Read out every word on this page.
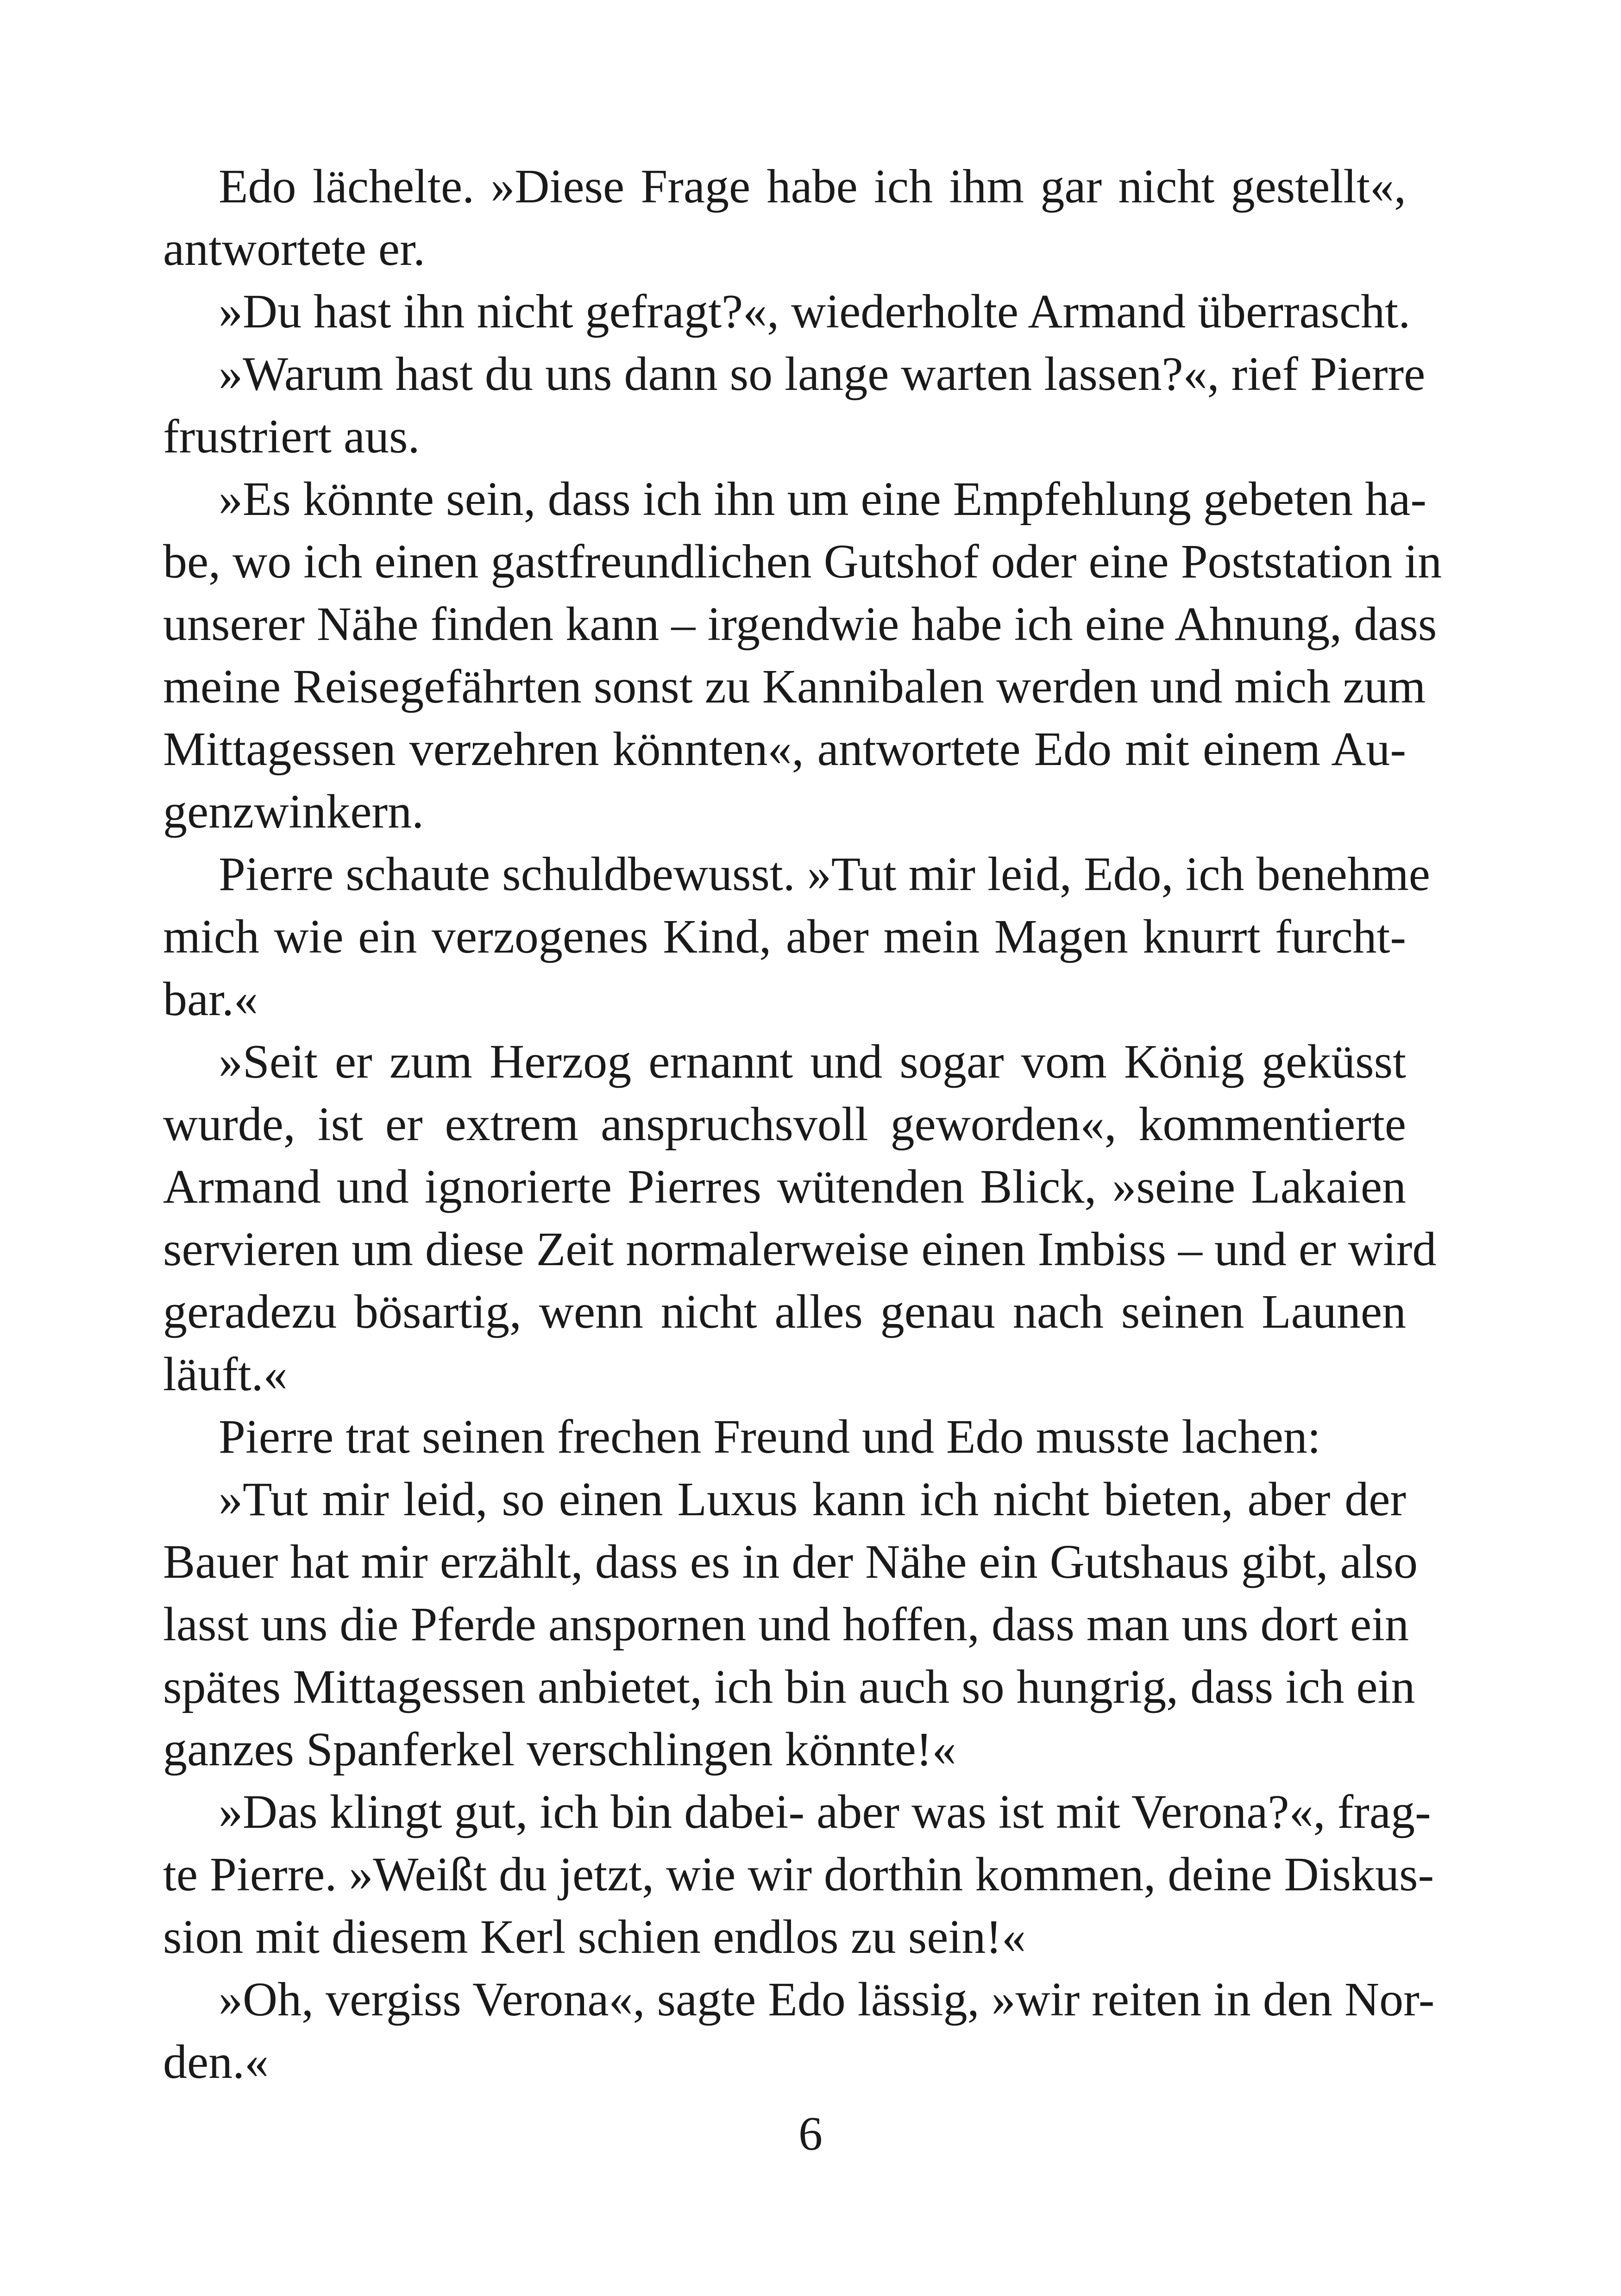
Edo lächelte. »Diese Frage habe ich ihm gar nicht gestellt«,
antwortete er.
»Du hast ihn nicht gefragt?«, wiederholte Armand überrascht.
»Warum hast du uns dann so lange warten lassen?«, rief Pierre
frustriert aus.
»Es könnte sein, dass ich ihn um eine Empfehlung gebeten ha-
be, wo ich einen gastfreundlichen Gutshof oder eine Poststation in
unserer Nähe finden kann – irgendwie habe ich eine Ahnung, dass
meine Reisegefährten sonst zu Kannibalen werden und mich zum
Mittagessen verzehren könnten«, antwortete Edo mit einem Au-
genzwinkern.
Pierre schaute schuldbewusst. »Tut mir leid, Edo, ich benehme
mich wie ein verzogenes Kind, aber mein Magen knurrt furcht-
bar.«
»Seit er zum Herzog ernannt und sogar vom König geküsst
wurde, ist er extrem anspruchsvoll geworden«, kommentierte
Armand und ignorierte Pierres wütenden Blick, »seine Lakaien
servieren um diese Zeit normalerweise einen Imbiss – und er wird
geradezu bösartig, wenn nicht alles genau nach seinen Launen
läuft.«
Pierre trat seinen frechen Freund und Edo musste lachen:
»Tut mir leid, so einen Luxus kann ich nicht bieten, aber der
Bauer hat mir erzählt, dass es in der Nähe ein Gutshaus gibt, also
lasst uns die Pferde anspornen und hoffen, dass man uns dort ein
spätes Mittagessen anbietet, ich bin auch so hungrig, dass ich ein
ganzes Spanferkel verschlingen könnte!«
»Das klingt gut, ich bin dabei- aber was ist mit Verona?«, frag-
te Pierre. »Weißt du jetzt, wie wir dorthin kommen, deine Diskus-
sion mit diesem Kerl schien endlos zu sein!«
»Oh, vergiss Verona«, sagte Edo lässig, »wir reiten in den Nor-
den.«
6
